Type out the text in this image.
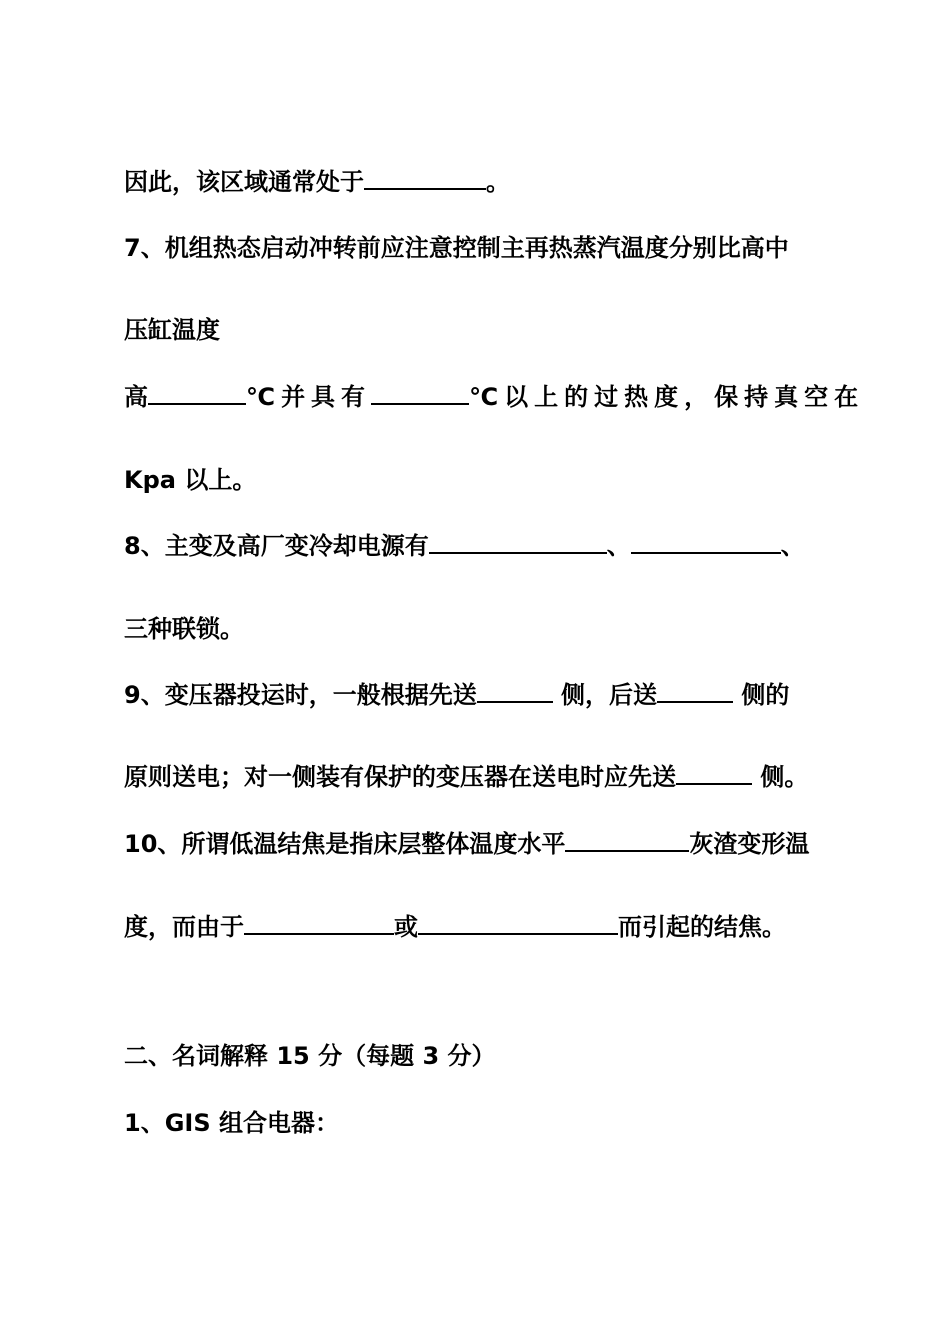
因此，该区域通常处于	。
7、机组热态启动冲转前应注意控制主再热蒸汽温度分别比高中
压缸温度
高	℃并具有	℃以上的过热度，保持真空在
Kpa 以上。
8、主变及高厂变冷却电源有	、	、
三种联锁。
9、变压器投运时，一般根据先送	侧，后送	侧的
原则送电；对一侧装有保护的变压器在送电时应先送	侧。
10、所谓低温结焦是指床层整体温度水平	灰渣变形温
度，而由于	或	而引起的结焦。
二、名词解释 15 分（每题 3 分）
1、GIS 组合电器：
